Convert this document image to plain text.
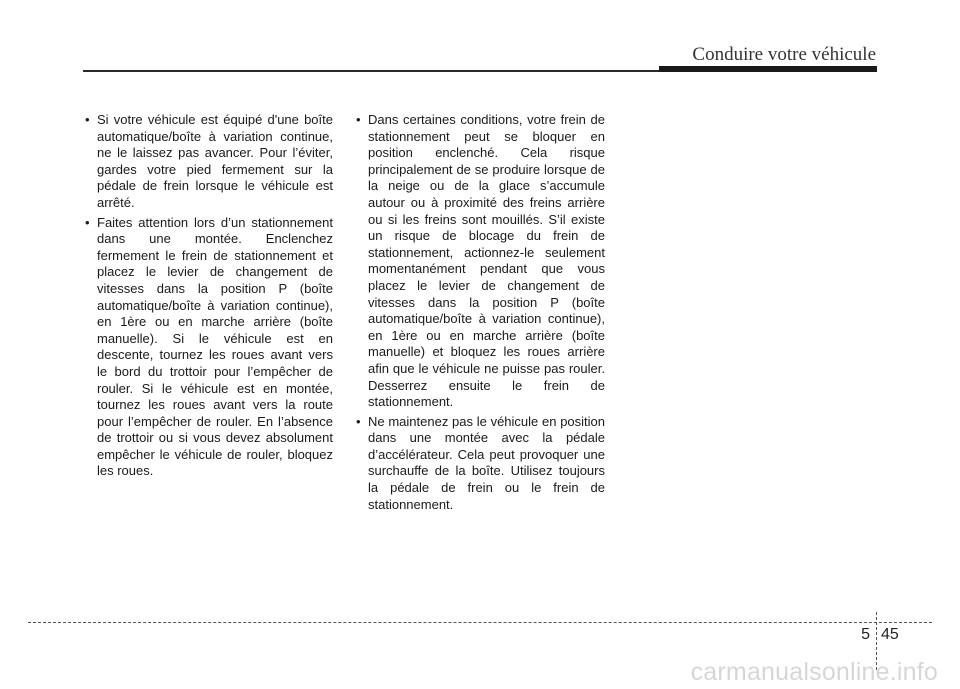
Conduire votre véhicule
• Si votre véhicule est équipé d'une boîte automatique/boîte à variation continue, ne le laissez pas avancer. Pour l’éviter, gardes votre pied fermement sur la pédale de frein lorsque le véhicule est arrêté.
• Faites attention lors d’un stationnement dans une montée. Enclenchez fermement le frein de stationnement et placez le levier de changement de vitesses dans la position P (boîte automatique/boîte à variation continue), en 1ère ou en marche arrière (boîte manuelle). Si le véhicule est en descente, tournez les roues avant vers le bord du trottoir pour l’empêcher de rouler. Si le véhicule est en montée, tournez les roues avant vers la route pour l’empêcher de rouler. En l’absence de trottoir ou si vous devez absolument empêcher le véhicule de rouler, bloquez les roues.
• Dans certaines conditions, votre frein de stationnement peut se bloquer en position enclenché. Cela risque principalement de se produire lorsque de la neige ou de la glace s’accumule autour ou à proximité des freins arrière ou si les freins sont mouillés. S’il existe un risque de blocage du frein de stationnement, actionnez-le seulement momentanément pendant que vous placez le levier de changement de vitesses dans la position P (boîte automatique/boîte à variation continue), en 1ère ou en marche arrière (boîte manuelle) et bloquez les roues arrière afin que le véhicule ne puisse pas rouler. Desserrez ensuite le frein de stationnement.
• Ne maintenez pas le véhicule en position dans une montée avec la pédale d’accélérateur. Cela peut provoquer une surchauffe de la boîte. Utilisez toujours la pédale de frein ou le frein de stationnement.
5 45
carmanualsonline.info
